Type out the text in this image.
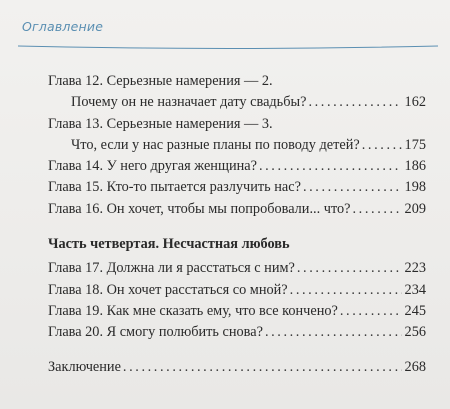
Оглавление
Глава 12. Серьезные намерения — 2.
Почему он не назначает дату свадьбы? .....	162
Глава 13. Серьезные намерения — 3.
Что, если у нас разные планы по поводу детей? .....	175
Глава 14. У него другая женщина? .....	186
Глава 15. Кто-то пытается разлучить нас? .....	198
Глава 16. Он хочет, чтобы мы попробовали... что? .....	209
Часть четвертая. Несчастная любовь
Глава 17. Должна ли я расстаться с ним? .....	223
Глава 18. Он хочет расстаться со мной? .....	234
Глава 19. Как мне сказать ему, что все кончено? .....	245
Глава 20. Я смогу полюбить снова? .....	256
Заключение .....	268
